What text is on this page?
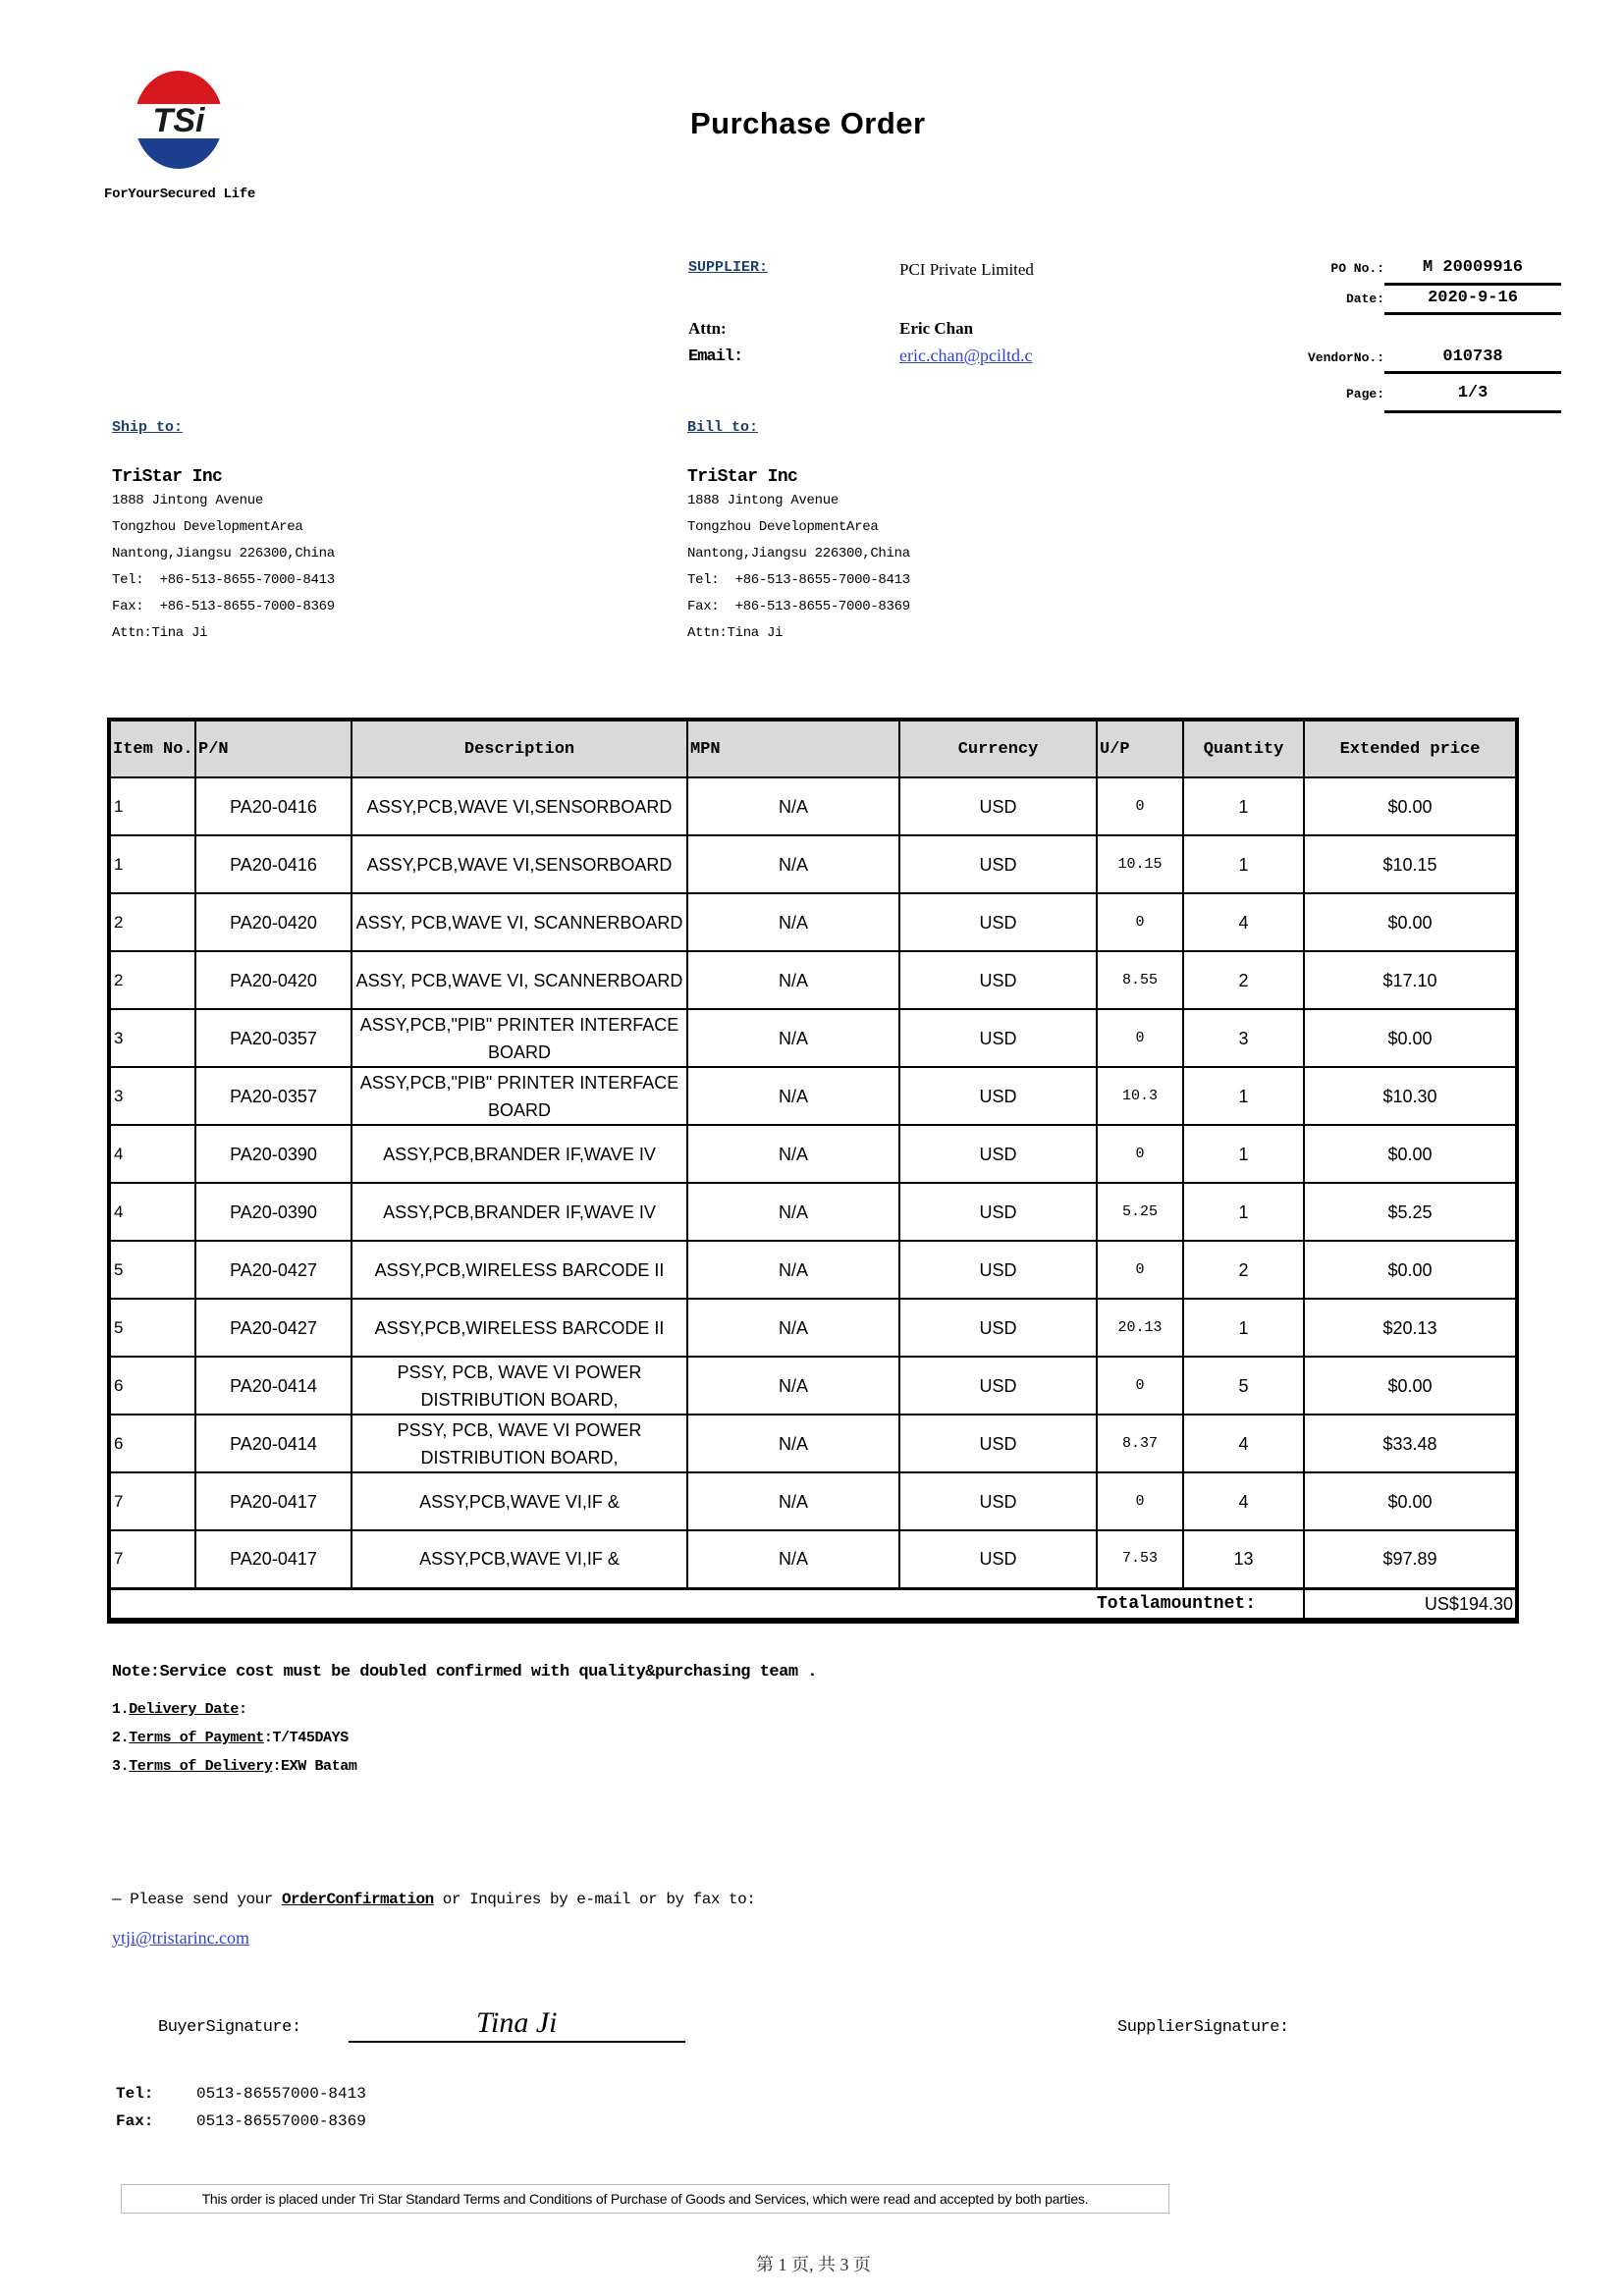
TSi
ForYourSecured Life
Purchase Order
SUPPLIER:	PCI Private Limited
Attn:	Eric Chan
Email:	eric.chan@pciltd.c
PO No.:	M 20009916
Date:	2020-9-16
VendorNo.:	010738
Page:	1/3
Ship to:
TriStar Inc
1888 Jintong Avenue
Tongzhou DevelopmentArea
Nantong,Jiangsu 226300,China
Tel:  +86-513-8655-7000-8413
Fax:  +86-513-8655-7000-8369
Attn:Tina Ji
Bill to:
TriStar Inc
1888 Jintong Avenue
Tongzhou DevelopmentArea
Nantong,Jiangsu 226300,China
Tel:  +86-513-8655-7000-8413
Fax:  +86-513-8655-7000-8369
Attn:Tina Ji
Item No.	P/N	Description	MPN	Currency	U/P	Quantity	Extended price
1	PA20-0416	ASSY,PCB,WAVE VI,SENSORBOARD	N/A	USD	0	1	$0.00
1	PA20-0416	ASSY,PCB,WAVE VI,SENSORBOARD	N/A	USD	10.15	1	$10.15
2	PA20-0420	ASSY, PCB,WAVE VI, SCANNERBOARD	N/A	USD	0	4	$0.00
2	PA20-0420	ASSY, PCB,WAVE VI, SCANNERBOARD	N/A	USD	8.55	2	$17.10
3	PA20-0357	ASSY,PCB,"PIB" PRINTER INTERFACE BOARD	N/A	USD	0	3	$0.00
3	PA20-0357	ASSY,PCB,"PIB" PRINTER INTERFACE BOARD	N/A	USD	10.3	1	$10.30
4	PA20-0390	ASSY,PCB,BRANDER IF,WAVE IV	N/A	USD	0	1	$0.00
4	PA20-0390	ASSY,PCB,BRANDER IF,WAVE IV	N/A	USD	5.25	1	$5.25
5	PA20-0427	ASSY,PCB,WIRELESS BARCODE II	N/A	USD	0	2	$0.00
5	PA20-0427	ASSY,PCB,WIRELESS BARCODE II	N/A	USD	20.13	1	$20.13
6	PA20-0414	PSSY, PCB, WAVE VI POWER DISTRIBUTION BOARD,	N/A	USD	0	5	$0.00
6	PA20-0414	PSSY, PCB, WAVE VI POWER DISTRIBUTION BOARD,	N/A	USD	8.37	4	$33.48
7	PA20-0417	ASSY,PCB,WAVE VI,IF &	N/A	USD	0	4	$0.00
7	PA20-0417	ASSY,PCB,WAVE VI,IF &	N/A	USD	7.53	13	$97.89
Totalamountnet:							US$194.30
Note:Service cost must be doubled confirmed with quality&purchasing team .
1.Delivery Date:
2.Terms of Payment:T/T45DAYS
3.Terms of Delivery:EXW Batam
— Please send your OrderConfirmation or Inquires by e-mail or by fax to:
ytji@tristarinc.com
BuyerSignature:	Tina Ji	SupplierSignature:
Tel:	0513-86557000-8413
Fax:	0513-86557000-8369
This order is placed under Tri Star Standard Terms and Conditions of Purchase of Goods and Services, which were read and accepted by both parties.
第 1 页, 共 3 页
